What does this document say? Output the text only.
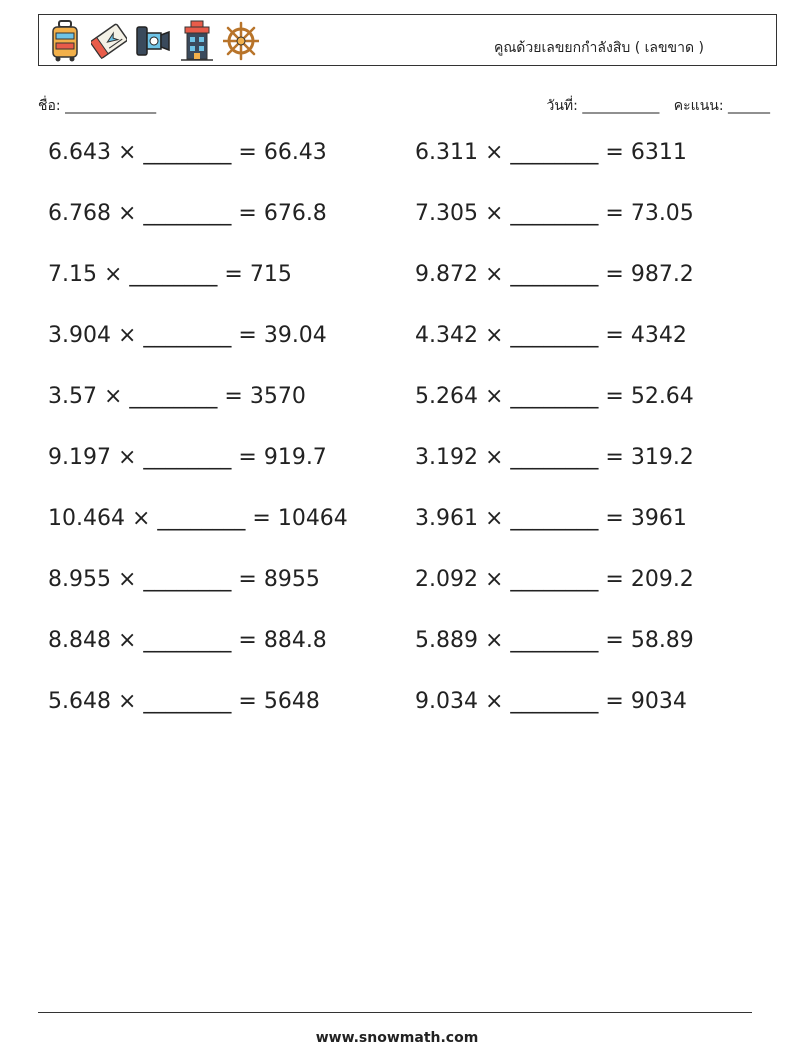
คูณด้วยเลขยกกำลังสิบ ( เลขขาด )
ชื่อ: _____________	วันที่: ___________ คะแนน: ______
6.643 × ________ = 66.43	6.311 × ________ = 6311
6.768 × ________ = 676.8	7.305 × ________ = 73.05
7.15 × ________ = 715	9.872 × ________ = 987.2
3.904 × ________ = 39.04	4.342 × ________ = 4342
3.57 × ________ = 3570	5.264 × ________ = 52.64
9.197 × ________ = 919.7	3.192 × ________ = 319.2
10.464 × ________ = 10464	3.961 × ________ = 3961
8.955 × ________ = 8955	2.092 × ________ = 209.2
8.848 × ________ = 884.8	5.889 × ________ = 58.89
5.648 × ________ = 5648	9.034 × ________ = 9034
www.snowmath.com
